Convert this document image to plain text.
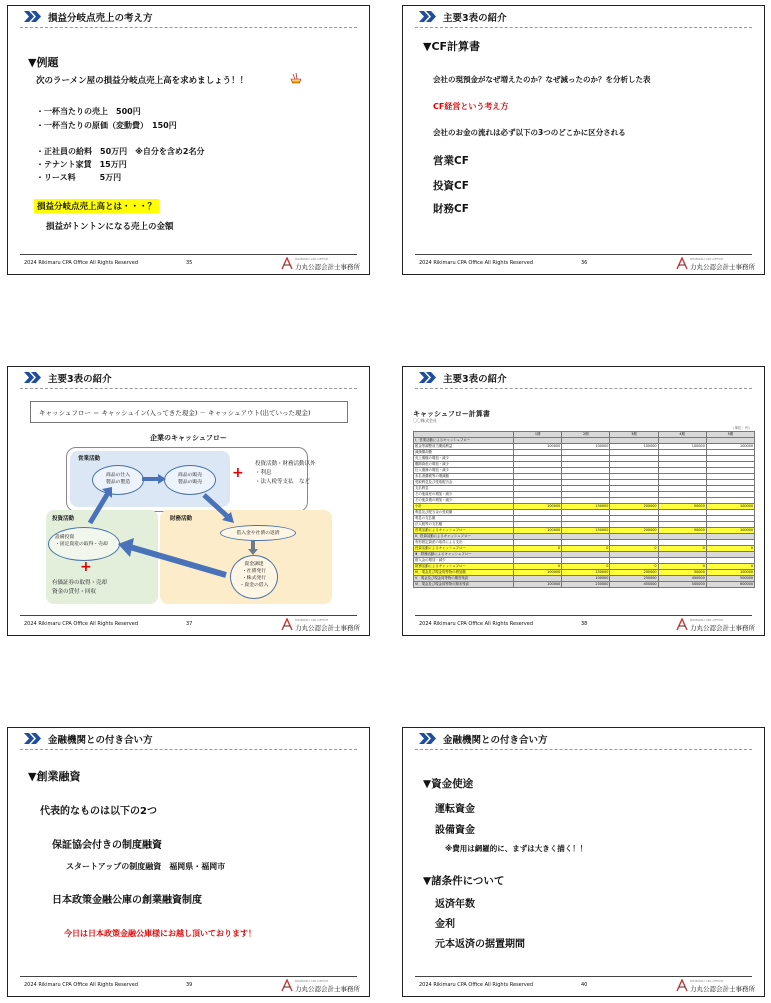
損益分岐点売上の考え方
▼例題
次のラーメン屋の損益分岐点売上高を求めましょう！！
・一杯当たりの売上　500円
・一杯当たりの原価（変動費）　150円
・正社員の給料　50万円　※自分を含め2名分
・テナント家賃　15万円
・リース料　　　5万円
損益分岐点売上高とは・・・？
損益がトントンになる売上の金額
2024 Rikimaru CPA Office All Rights Reserved	35
RIKIMARU CPA OFFICE
力丸公認会計士事務所
主要3表の紹介
▼CF計算書
会社の現預金がなぜ増えたのか？なぜ減ったのか？を分析した表
CF経営という考え方
会社のお金の流れは必ず以下の3つのどこかに区分される
営業CF
投資CF
財務CF
2024 Rikimaru CPA Office All Rights Reserved	36
RIKIMARU CPA OFFICE
力丸公認会計士事務所
主要3表の紹介
キャッシュフロー ＝ キャッシュイン(入ってきた現金) － キャッシュアウト(出ていった現金)
企業のキャッシュフロー
営業活動
商品の仕入
製品の製造
商品の販売
製品の販売
+
投資活動・財務活動以外
・利息
・法人税等支払　など
投資活動
設備投資
・固定資産の取得・売却
+
有価証券の取得・売却
資金の貸付・回収
財務活動
借入金や社債の返済
資金調達
・社債発行
・株式発行
・資金の借入
2024 Rikimaru CPA Office All Rights Reserved	37
RIKIMARU CPA OFFICE
力丸公認会計士事務所
主要3表の紹介
キャッシュフロー計算書
〇〇株式会社
（単位：円）
	1期	2期	3期	4期	5期
Ⅰ．営業活動によるキャッシュフロー					
税金等調整前当期純利益	100000	100000	100000	100000	100000
減価償却費					
売上債権の増加・減少					
棚卸資産の増加・減少					
仕入債務の増加・減少					
未払消費税等の増減額					
受取利息及び受取配当金					
支払利息					
その他資産の増加・減少					
その他負債の増加・減少					
小計	100000	150000	200000	50000	100000
利息及び配当金の受取額					
利息の支払額					
法人税等の支払額					
営業活動によるキャッシュフロー	100000	150000	200000	50000	100000
Ⅱ．投資活動によるキャッシュフロー					
有形固定資産の取得による支出					
投資活動によるキャッシュフロー	0	0	0	0	0
Ⅲ．財務活動によるキャッシュフロー					
借入金の増加・減少					
財務活動によるキャッシュフロー	0	0	0	0	0
Ⅳ．現金及び現金同等物の増加額	100000	150000	200000	50000	100000
Ⅴ．現金及び現金同等物の期首残高		100000	250000	450000	500000
Ⅵ．現金及び現金同等物の期末残高	100000	250000	450000	500000	600000
2024 Rikimaru CPA Office All Rights Reserved	38
RIKIMARU CPA OFFICE
力丸公認会計士事務所
金融機関との付き合い方
▼創業融資
代表的なものは以下の2つ
保証協会付きの制度融資
スタートアップの制度融資　福岡県・福岡市
日本政策金融公庫の創業融資制度
今日は日本政策金融公庫様にお越し頂いております！
2024 Rikimaru CPA Office All Rights Reserved	39
RIKIMARU CPA OFFICE
力丸公認会計士事務所
金融機関との付き合い方
▼資金使途
運転資金
設備資金
※費用は網羅的に、まずは大きく描く！！
▼諸条件について
返済年数
金利
元本返済の据置期間
2024 Rikimaru CPA Office All Rights Reserved	40
RIKIMARU CPA OFFICE
力丸公認会計士事務所
